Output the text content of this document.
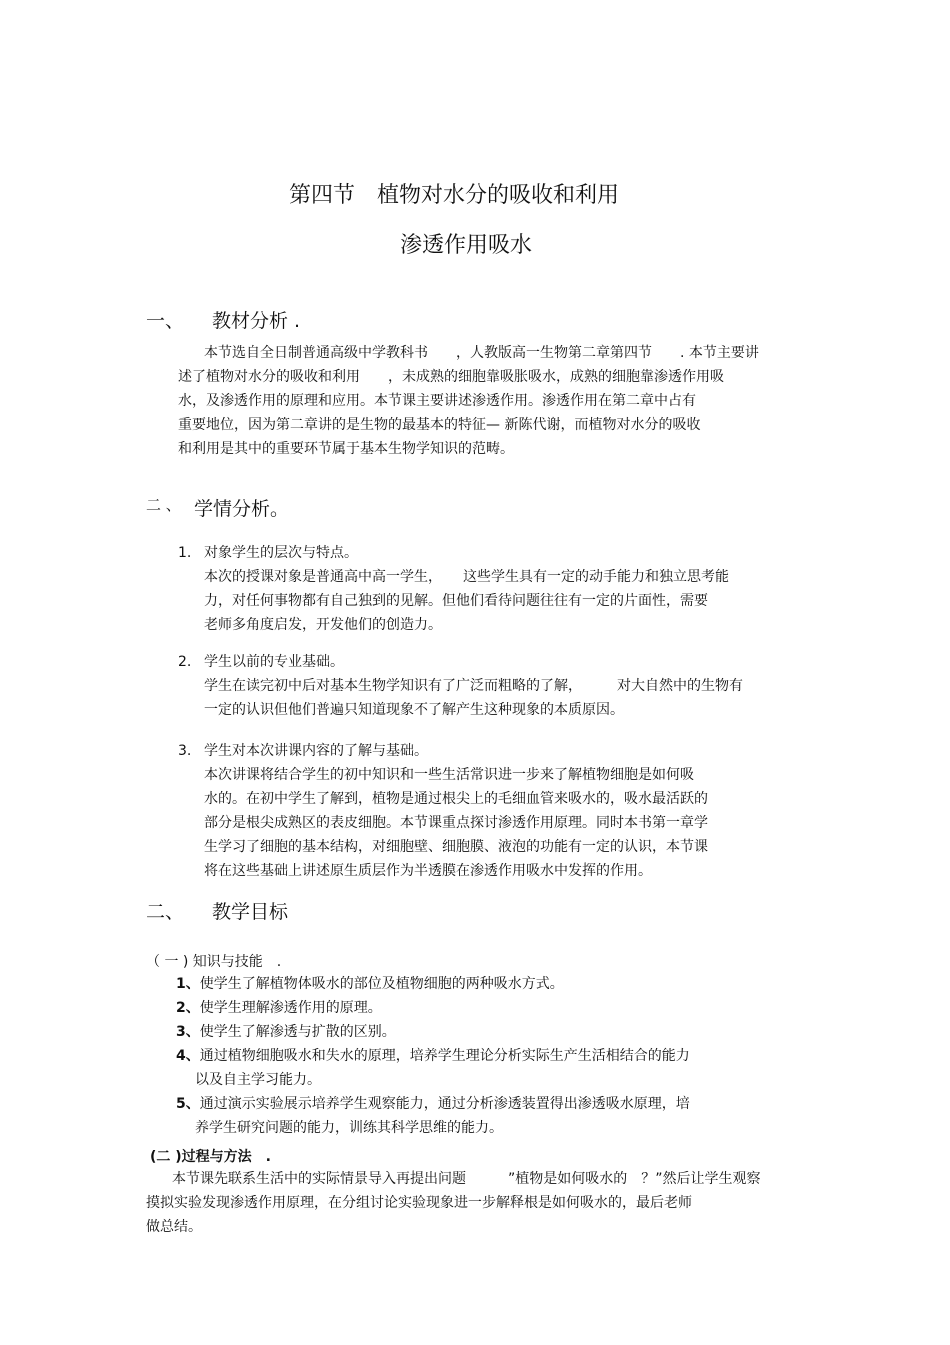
第四节　植物对水分的吸收和利用
渗透作用吸水
一、 教材分析 .
本节选自全日制普通高级中学教科书　　，人教版高一生物第二章第四节　　. 本节主要讲
述了植物对水分的吸收和利用　　，未成熟的细胞靠吸胀吸水，成熟的细胞靠渗透作用吸
水，及渗透作用的原理和应用。本节课主要讲述渗透作用。渗透作用在第二章中占有
重要地位，因为第二章讲的是生物的最基本的特征— 新陈代谢，而植物对水分的吸收
和利用是其中的重要环节属于基本生物学知识的范畴。
二 、 学情分析。
1. 对象学生的层次与特点。
本次的授课对象是普通高中高一学生，　　这些学生具有一定的动手能力和独立思考能
力，对任何事物都有自己独到的见解。但他们看待问题往往有一定的片面性，需要
老师多角度启发，开发他们的创造力。
2. 学生以前的专业基础。
学生在读完初中后对基本生物学知识有了广泛而粗略的了解，　　　对大自然中的生物有
一定的认识但他们普遍只知道现象不了解产生这种现象的本质原因。
3. 学生对本次讲课内容的了解与基础。
本次讲课将结合学生的初中知识和一些生活常识进一步来了解植物细胞是如何吸
水的。在初中学生了解到，植物是通过根尖上的毛细血管来吸水的，吸水最活跃的
部分是根尖成熟区的表皮细胞。本节课重点探讨渗透作用原理。同时本书第一章学
生学习了细胞的基本结构，对细胞壁、细胞膜、液泡的功能有一定的认识，本节课
将在这些基础上讲述原生质层作为半透膜在渗透作用吸水中发挥的作用。
二、 教学目标
（ 一 ) 知识与技能　.
1、使学生了解植物体吸水的部位及植物细胞的两种吸水方式。
2、使学生理解渗透作用的原理。
3、使学生了解渗透与扩散的区别。
4、通过植物细胞吸水和失水的原理，培养学生理论分析实际生产生活相结合的能力
以及自主学习能力。
5、通过演示实验展示培养学生观察能力，通过分析渗透装置得出渗透吸水原理，培
养学生研究问题的能力，训练其科学思维的能力。
(二 )过程与方法　.
本节课先联系生活中的实际情景导入再提出问题　　　”植物是如何吸水的　？”然后让学生观察
摸拟实验发现渗透作用原理，在分组讨论实验现象进一步解释根是如何吸水的，最后老师
做总结。
